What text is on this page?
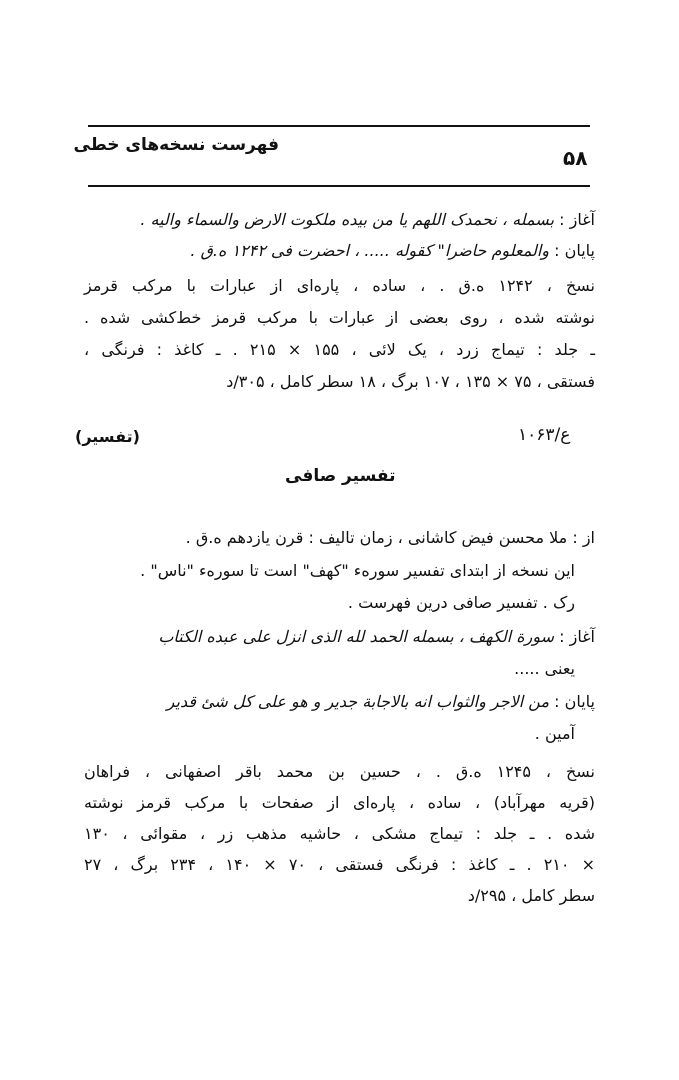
فهرست نسخه‌های خطی
۵۸
آغاز : بسمله ، نحمدک اللهم یا من بیده ملکوت الارض والسماء والیه .
پایان : والمعلوم حاضرا" کقوله ..... ، احضرت فی ۱۲۴۲ ه.ق .
نسخ ، ۱۲۴۲ ه.ق . ، ساده ، پاره‌ای از عبارات با مرکب قرمز
نوشته شده ، روی بعضی از عبارات با مرکب قرمز خط‌کشی شده .
ـ جلد : تیماج زرد ، یک لائی ، ۱۵۵ × ۲۱۵ . ـ کاغذ : فرنگی ،
فستقی ، ۷۵ × ۱۳۵ ، ۱۰۷ برگ ، ۱۸ سطر کامل ، ۳۰۵/د
ع/۱۰۶۳
(تفسیر)
تفسیر صافی
از : ملا محسن فیض کاشانی ، زمان تالیف : قرن یازدهم ه.ق .
این نسخه از ابتدای تفسیر سوره‌ء "کهف" است تا سوره‌ء "ناس" .
رک . تفسیر صافی درین فهرست .
آغاز : سورة الکهف ، بسمله الحمد لله الذی انزل علی عبده الکتاب
یعنی .....
پایان : من الاجر والثواب انه بالاجابة جدیر و هو علی کل شئ قدیر
آمین .
نسخ ، ۱۲۴۵ ه.ق . ، حسین بن محمد باقر اصفهانی ، فراهان
(قریه مهرآباد) ، ساده ، پاره‌ای از صفحات با مرکب قرمز نوشته
شده . ـ جلد : تیماج مشکی ، حاشیه مذهب زر ، مقوائی ، ۱۳۰
× ۲۱۰ . ـ کاغذ : فرنگی فستقی ، ۷۰ × ۱۴۰ ، ۲۳۴ برگ ، ۲۷
سطر کامل ، ۲۹۵/د
